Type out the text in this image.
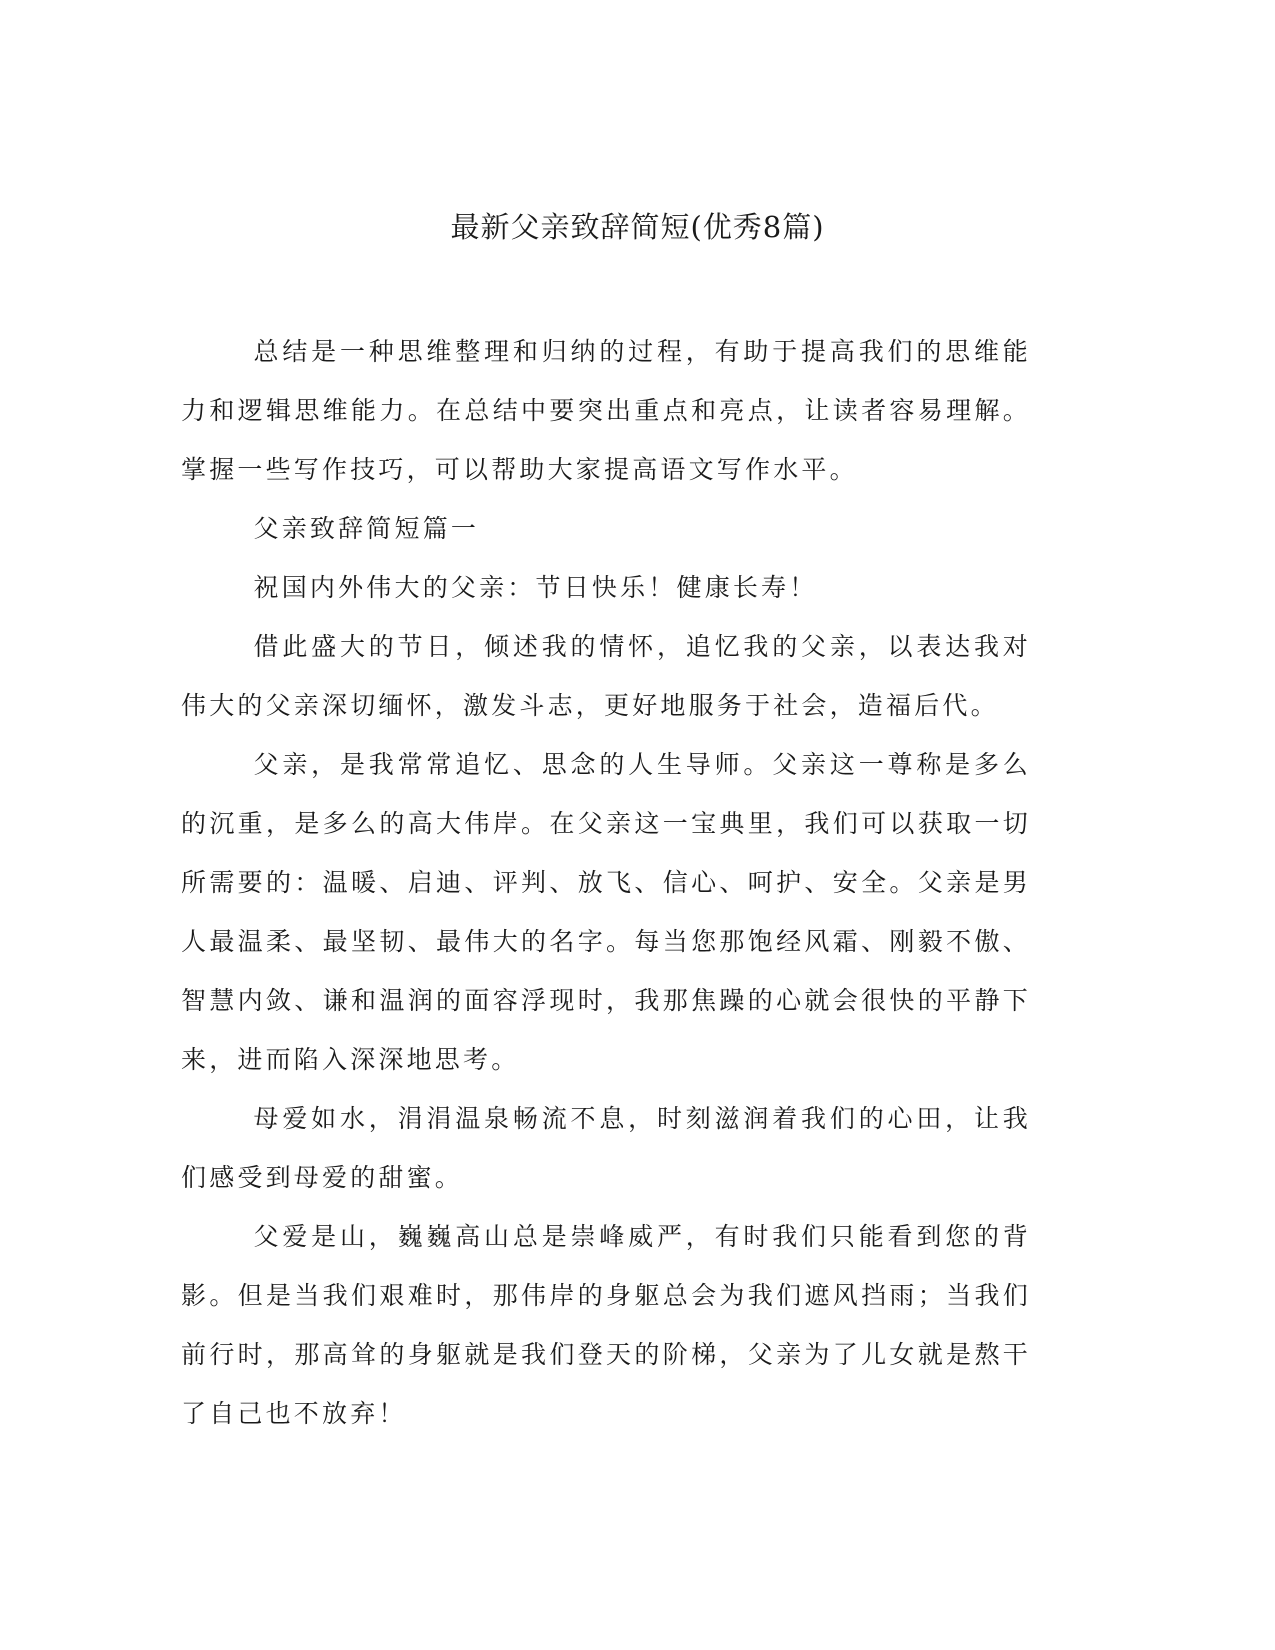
最新父亲致辞简短(优秀8篇)

总结是一种思维整理和归纳的过程，有助于提高我们的思维能力和逻辑思维能力。在总结中要突出重点和亮点，让读者容易理解。掌握一些写作技巧，可以帮助大家提高语文写作水平。

父亲致辞简短篇一

祝国内外伟大的父亲：节日快乐！健康长寿！

借此盛大的节日，倾述我的情怀，追忆我的父亲，以表达我对伟大的父亲深切缅怀，激发斗志，更好地服务于社会，造福后代。

父亲，是我常常追忆、思念的人生导师。父亲这一尊称是多么的沉重，是多么的高大伟岸。在父亲这一宝典里，我们可以获取一切所需要的：温暖、启迪、评判、放飞、信心、呵护、安全。父亲是男人最温柔、最坚韧、最伟大的名字。每当您那饱经风霜、刚毅不傲、智慧内敛、谦和温润的面容浮现时，我那焦躁的心就会很快的平静下来，进而陷入深深地思考。

母爱如水，涓涓温泉畅流不息，时刻滋润着我们的心田，让我们感受到母爱的甜蜜。

父爱是山，巍巍高山总是崇峰威严，有时我们只能看到您的背影。但是当我们艰难时，那伟岸的身躯总会为我们遮风挡雨；当我们前行时，那高耸的身躯就是我们登天的阶梯，父亲为了儿女就是熬干了自己也不放弃！
